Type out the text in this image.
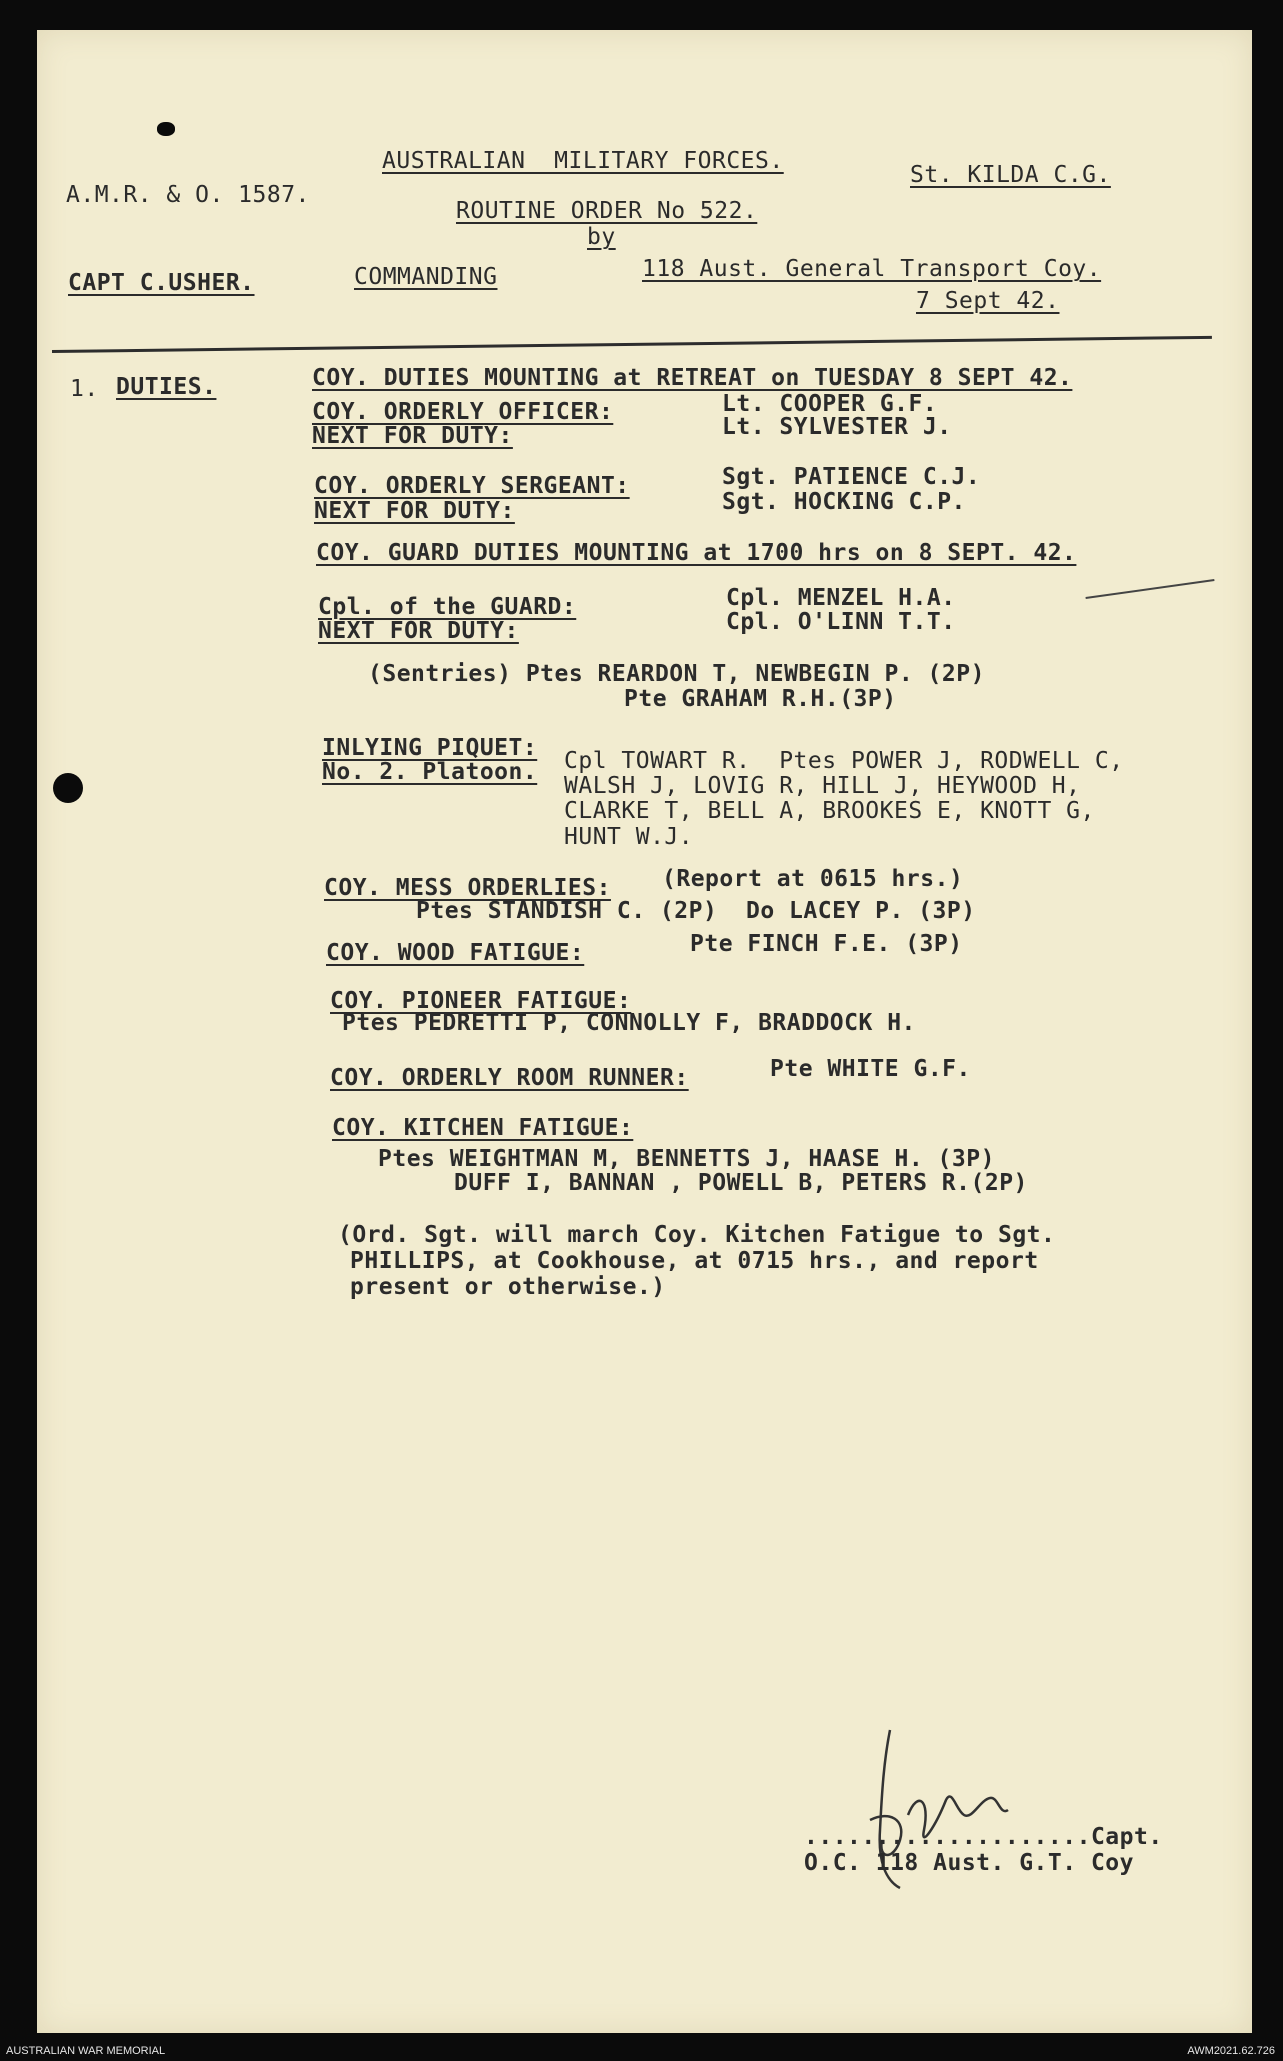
A.M.R. & O. 1587.
AUSTRALIAN  MILITARY FORCES.
St. KILDA C.G.
ROUTINE ORDER No 522.
by
CAPT C.USHER.	COMMANDING	118 Aust. General Transport Coy.
7 Sept 42.
1. DUTIES.	COY. DUTIES MOUNTING at RETREAT on TUESDAY 8 SEPT 42.
COY. ORDERLY OFFICER:	Lt. COOPER G.F.
NEXT FOR DUTY:	Lt. SYLVESTER J.
COY. ORDERLY SERGEANT:	Sgt. PATIENCE C.J.
NEXT FOR DUTY:	Sgt. HOCKING C.P.
COY. GUARD DUTIES MOUNTING at 1700 hrs on 8 SEPT. 42.
Cpl. of the GUARD:	Cpl. MENZEL H.A.
NEXT FOR DUTY:	Cpl. O'LINN T.T.
(Sentries) Ptes REARDON T, NEWBEGIN P. (2P)
Pte GRAHAM R.H.(3P)
INLYING PIQUET:
No. 2. Platoon. Cpl TOWART R.  Ptes POWER J, RODWELL C,
WALSH J, LOVIG R, HILL J, HEYWOOD H,
CLARKE T, BELL A, BROOKES E, KNOTT G,
HUNT W.J.
COY. MESS ORDERLIES: (Report at 0615 hrs.)
Ptes STANDISH C. (2P)  Do LACEY P. (3P)
COY. WOOD FATIGUE:	Pte FINCH F.E. (3P)
COY. PIONEER FATIGUE:
Ptes PEDRETTI P, CONNOLLY F, BRADDOCK H.
COY. ORDERLY ROOM RUNNER:	Pte WHITE G.F.
COY. KITCHEN FATIGUE:
Ptes WEIGHTMAN M, BENNETTS J, HAASE H. (3P)
DUFF I, BANNAN , POWELL B, PETERS R.(2P)
(Ord. Sgt. will march Coy. Kitchen Fatigue to Sgt.
PHILLIPS, at Cookhouse, at 0715 hrs., and report
present or otherwise.)
....................Capt.
O.C. 118 Aust. G.T. Coy
AUSTRALIAN WAR MEMORIAL	AWM2021.62.726
